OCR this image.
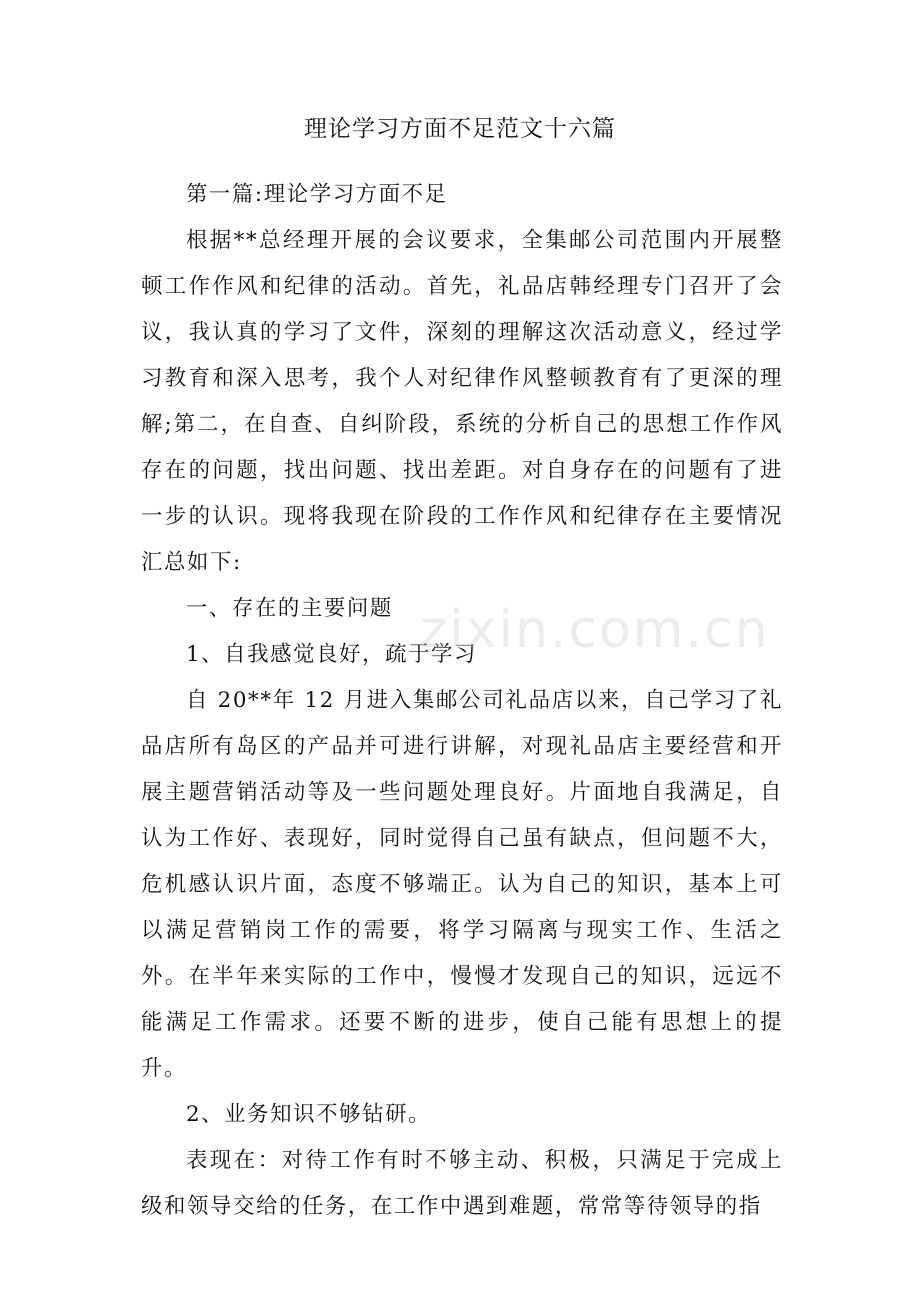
理论学习方面不足范文十六篇

第一篇:理论学习方面不足

根据**总经理开展的会议要求，全集邮公司范围内开展整顿工作作风和纪律的活动。首先，礼品店韩经理专门召开了会议，我认真的学习了文件，深刻的理解这次活动意义，经过学习教育和深入思考，我个人对纪律作风整顿教育有了更深的理解;第二，在自查、自纠阶段，系统的分析自己的思想工作作风存在的问题，找出问题、找出差距。对自身存在的问题有了进一步的认识。现将我现在阶段的工作作风和纪律存在主要情况汇总如下:

一、存在的主要问题

1、自我感觉良好，疏于学习

自 20**年 12 月进入集邮公司礼品店以来，自己学习了礼品店所有岛区的产品并可进行讲解，对现礼品店主要经营和开展主题营销活动等及一些问题处理良好。片面地自我满足，自认为工作好、表现好，同时觉得自己虽有缺点，但问题不大，危机感认识片面，态度不够端正。认为自己的知识，基本上可以满足营销岗工作的需要，将学习隔离与现实工作、生活之外。在半年来实际的工作中，慢慢才发现自己的知识，远远不能满足工作需求。还要不断的进步，使自己能有思想上的提升。

2、业务知识不够钻研。

表现在：对待工作有时不够主动、积极，只满足于完成上级和领导交给的任务，在工作中遇到难题，常常等待领导的指

zixin.com.cn
